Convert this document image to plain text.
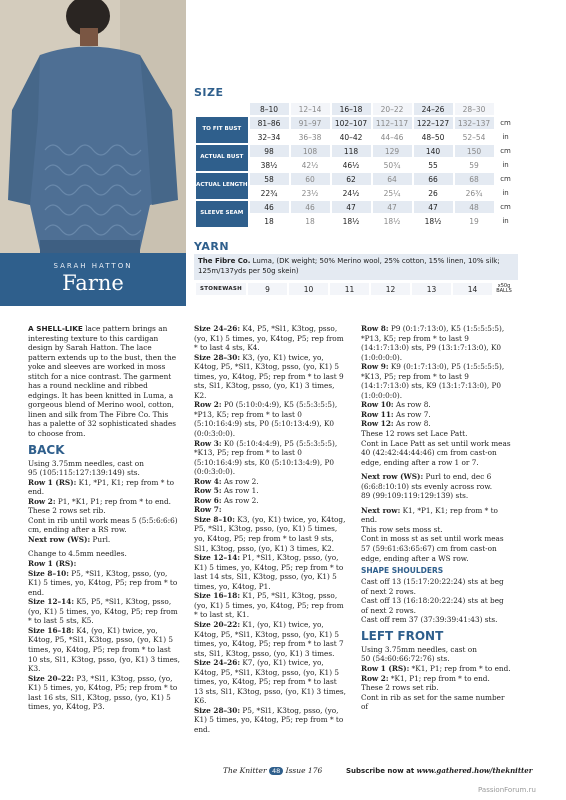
SARAH HATTON
Farne
SIZE
	8–10	12–14	16–18	20–22	24–26	28–30	
TO FIT BUST	81–86	91–97	102–107	112–117	122–127	132–137	cm
	32–34	36–38	40–42	44–46	48–50	52–54	in
ACTUAL BUST	98	108	118	129	140	150	cm
	38½	42½	46½	50¾	55	59	in
ACTUAL LENGTH	58	60	62	64	66	68	cm
	22¾	23½	24½	25¼	26	26¾	in
SLEEVE SEAM	46	46	47	47	47	48	cm
	18	18	18½	18½	18½	19	in
YARN
The Fibre Co. Luma, (DK weight; 50% Merino wool, 25% cotton, 15% linen, 10% silk; 125m/137yds per 50g skein)
STONEWASH	9	10	11	12	13	14	x50g BALLS

A SHELL-LIKE lace pattern brings an interesting texture to this cardigan design by Sarah Hatton. The lace pattern extends up to the bust, then the yoke and sleeves are worked in moss stitch for a nice contrast. The garment has a round neckline and ribbed edgings. It has been knitted in Luma, a gorgeous blend of Merino wool, cotton, linen and silk from The Fibre Co. This has a palette of 32 sophisticated shades to choose from.

BACK

Using 3.75mm needles, cast on

95 (105:115:127:139:149) sts.

Row 1 (RS): K1, *P1, K1; rep from * to end.

Row 2: P1, *K1, P1; rep from * to end.

These 2 rows set rib.

Cont in rib until work meas 5 (5:5:6:6:6) cm, ending after a RS row.

Next row (WS): Purl.

Change to 4.5mm needles.

Row 1 (RS):

Size 8–10: P5, *Sl1, K3tog, psso, (yo, K1) 5 times, yo, K4tog, P5; rep from * to end.

Size 12–14: K5, P5, *Sl1, K3tog, psso, (yo, K1) 5 times, yo, K4tog, P5; rep from * to last 5 sts, K5.

Size 16–18: K4, (yo, K1) twice, yo, K4tog, P5, *Sl1, K3tog, psso, (yo, K1) 5 times, yo, K4tog, P5; rep from * to last 10 sts, Sl1, K3tog, psso, (yo, K1) 3 times, K3.

Size 20–22: P3, *Sl1, K3tog, psso, (yo, K1) 5 times, yo, K4tog, P5; rep from * to last 16 sts, Sl1, K3tog, psso, (yo, K1) 5 times, yo, K4tog, P3.

Size 24–26: K4, P5, *Sl1, K3tog, psso, (yo, K1) 5 times, yo, K4tog, P5; rep from * to last 4 sts, K4.

Size 28–30: K3, (yo, K1) twice, yo, K4tog, P5, *Sl1, K3tog, psso, (yo, K1) 5 times, yo, K4tog, P5; rep from * to last 9 sts, Sl1, K3tog, psso, (yo, K1) 3 times, K2.

Row 2: P0 (5:10:0:4:9), K5 (5:5:3:5:5), *P13, K5; rep from * to last 0 (5:10:16:4:9) sts, P0 (5:10:13:4:9), K0 (0:0:3:0:0).

Row 3: K0 (5:10:4:4:9), P5 (5:5:3:5:5), *K13, P5; rep from * to last 0 (5:10:16:4:9) sts, K0 (5:10:13:4:9), P0 (0:0:3:0:0).

Row 4: As row 2.

Row 5: As row 1.

Row 6: As row 2.

Row 7:

Size 8–10: K3, (yo, K1) twice, yo, K4tog, P5, *Sl1, K3tog, psso, (yo, K1) 5 times, yo, K4tog, P5; rep from * to last 9 sts, Sl1, K3tog, psso, (yo, K1) 3 times, K2.

Size 12–14: P1, *Sl1, K3tog, psso, (yo, K1) 5 times, yo, K4tog, P5; rep from * to last 14 sts, Sl1, K3tog, psso, (yo, K1) 5 times, yo, K4tog, P1.

Size 16–18: K1, P5, *Sl1, K3tog, psso, (yo, K1) 5 times, yo, K4tog, P5; rep from * to last st, K1.

Size 20–22: K1, (yo, K1) twice, yo, K4tog, P5, *Sl1, K3tog, psso, (yo, K1) 5 times, yo, K4tog, P5; rep from * to last 7 sts, Sl1, K3tog, psso, (yo, K1) 3 times.

Size 24–26: K7, (yo, K1) twice, yo, K4tog, P5, *Sl1, K3tog, psso, (yo, K1) 5 times, yo, K4tog, P5; rep from * to last 13 sts, Sl1, K3tog, psso, (yo, K1) 3 times, K6.

Size 28–30: P5, *Sl1, K3tog, psso, (yo, K1) 5 times, yo, K4tog, P5; rep from * to end.

Row 8: P9 (0:1:7:13:0), K5 (1:5:5:5:5), *P13, K5; rep from * to last 9 (14:1:7:13:0) sts, P9 (13:1:7:13:0), K0 (1:0:0:0:0).

Row 9: K9 (0:1:7:13:0), P5 (1:5:5:5:5), *K13, P5; rep from * to last 9 (14:1:7:13:0) sts, K9 (13:1:7:13:0), P0 (1:0:0:0:0).

Row 10: As row 8.

Row 11: As row 7.

Row 12: As row 8.

These 12 rows set Lace Patt.

Cont in Lace Patt as set until work meas 40 (42:42:44:44:46) cm from cast-on edge, ending after a row 1 or 7.

Next row (WS): Purl to end, dec 6 (6:6:8:10:10) sts evenly across row.

89 (99:109:119:129:139) sts.

Next row: K1, *P1, K1; rep from * to end.

This row sets moss st.

Cont in moss st as set until work meas 57 (59:61:63:65:67) cm from cast-on edge, ending after a WS row.

SHAPE SHOULDERS

Cast off 13 (15:17:20:22:24) sts at beg of next 2 rows.

Cast off 13 (16:18:20:22:24) sts at beg of next 2 rows.

Cast off rem 37 (37:39:39:41:43) sts.

LEFT FRONT

Using 3.75mm needles, cast on

50 (54:60:66:72:76) sts.

Row 1 (RS): *K1, P1; rep from * to end.

Row 2: *K1, P1; rep from * to end.

These 2 rows set rib.

Cont in rib as set for the same number of

The Knitter 48 Issue 176	Subscribe now at www.gathered.how/theknitter
PassionForum.ru
